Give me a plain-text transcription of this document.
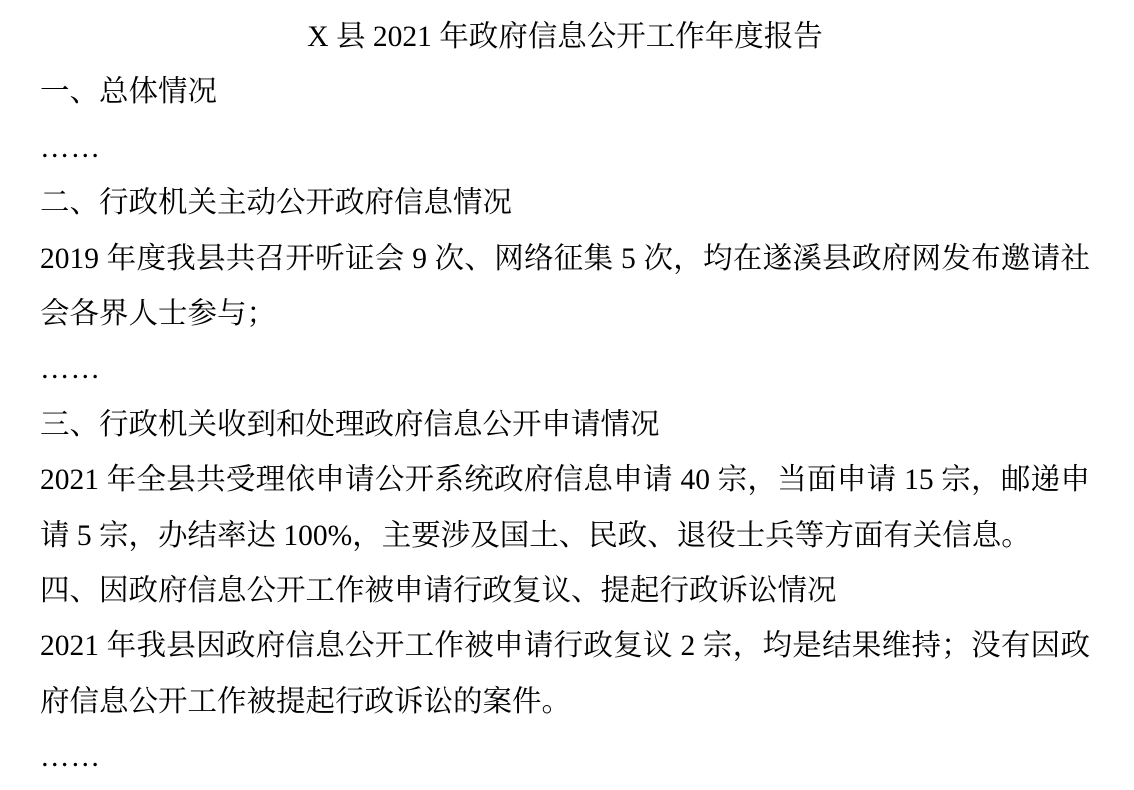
X 县 2021 年政府信息公开工作年度报告

一、总体情况

……

二、行政机关主动公开政府信息情况

2019 年度我县共召开听证会 9 次、网络征集 5 次，均在遂溪县政府网发布邀请社会各界人士参与；

……

三、行政机关收到和处理政府信息公开申请情况

2021 年全县共受理依申请公开系统政府信息申请 40 宗，当面申请 15 宗，邮递申请 5 宗，办结率达 100%，主要涉及国土、民政、退役士兵等方面有关信息。

四、因政府信息公开工作被申请行政复议、提起行政诉讼情况

2021 年我县因政府信息公开工作被申请行政复议 2 宗，均是结果维持；没有因政府信息公开工作被提起行政诉讼的案件。

……
